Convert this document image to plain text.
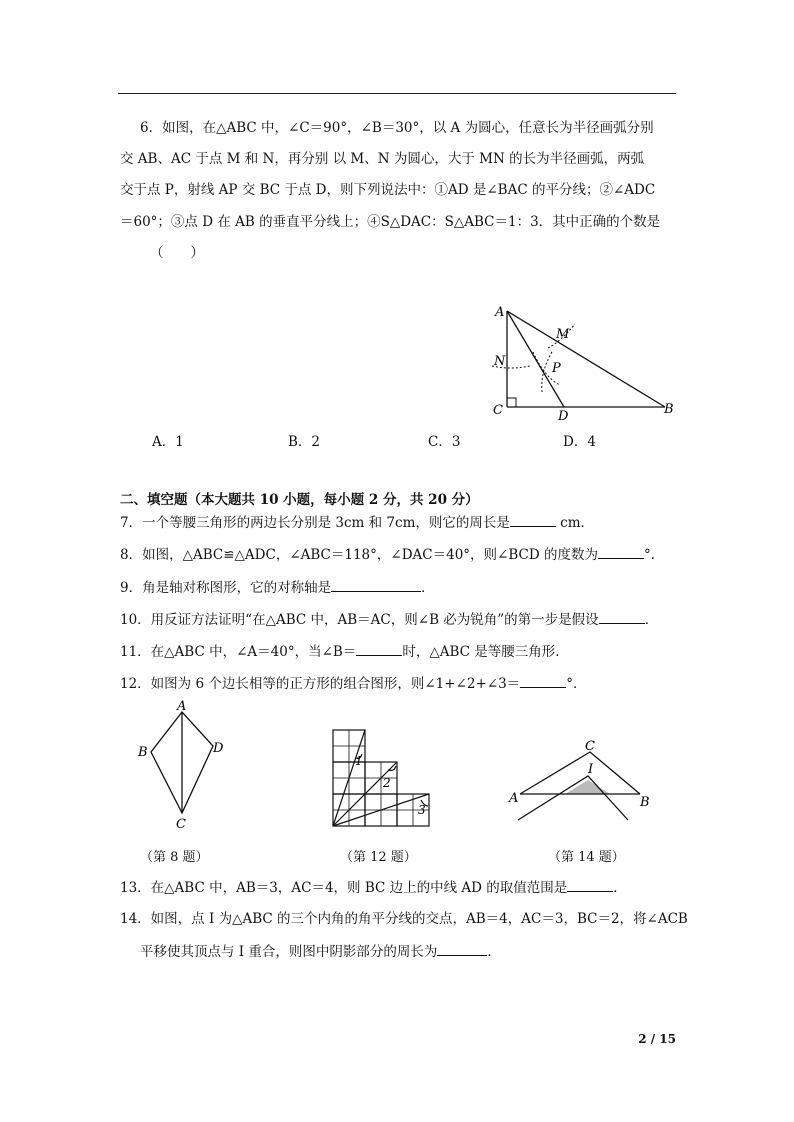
6．如图，在△ABC 中，∠C＝90°，∠B＝30°，以 A 为圆心，任意长为半径画弧分别
交 AB、AC 于点 M 和 N，再分别 以 M、N 为圆心，大于 MN 的长为半径画弧，两弧
交于点 P，射线 AP 交 BC 于点 D，则下列说法中：①AD 是∠BAC 的平分线；②∠ADC
＝60°；③点 D 在 AB 的垂直平分线上；④S△DAC：S△ABC＝1：3．其中正确的个数是
（　　）
A
M
N	P
C	D	B
A．1	B．2	C．3	D．4
二、填空题（本大题共 10 小题，每小题 2 分，共 20 分）
7．一个等腰三角形的两边长分别是 3cm 和 7cm，则它的周长是	cm．
8．如图，△ABC≌△ADC，∠ABC＝118°，∠DAC＝40°，则∠BCD 的度数为	°．
9．角是轴对称图形，它的对称轴是	．
10．用反证方法证明“在△ABC 中，AB＝AC，则∠B 必为锐角”的第一步是假设	．
11．在△ABC 中，∠A＝40°，当∠B＝	时，△ABC 是等腰三角形．
12．如图为 6 个边长相等的正方形的组合图形，则∠1+∠2+∠3＝	°．
A
B
C
D
1
2
3
A	B
C
I
（第 8 题）	（第 12 题）	（第 14 题）
13．在△ABC 中，AB＝3，AC＝4，则 BC 边上的中线 AD 的取值范围是	．
14．如图，点 I 为△ABC 的三个内角的角平分线的交点，AB＝4，AC＝3，BC＝2，将∠ACB
平移使其顶点与 I 重合，则图中阴影部分的周长为	．
2 / 15
